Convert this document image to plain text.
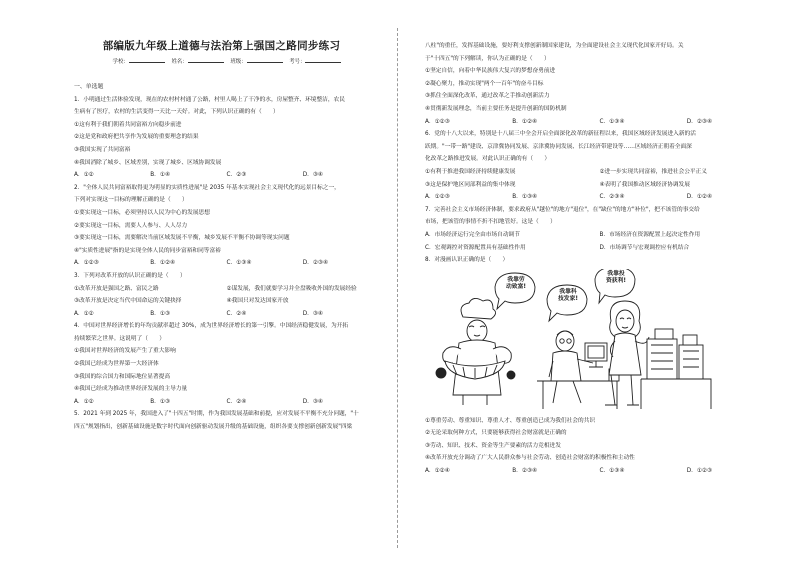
部编版九年级上道德与法治第上强国之路同步练习
学校：	姓名：	班级：	考号：
一、单选题
1．小明通过生活体验发现，现在的农村村村通了公路，村里人喝上了干净的水，房屋整齐、环境整洁，农民
生病有了医疗，农村的生活变得一天比一天好。对此，下列认识正确的有（　　）
①这有利于我们朝着共同富裕方向稳步前进
②这是党和政府把共享作为发展的重要理念的结果
③我国实现了共同富裕
④我国消除了城乡、区域差别，实现了城乡、区域协调发展
A．①②	B．①④	C．②③	D．③④
2．"全体人民共同富裕取得更为明显的实质性进展"是 2035 年基本实现社会主义现代化的远景目标之一，
下列对实现这一目标的理解正确的是（　　）
①要实现这一目标，必须坚持以人民为中心的发展思想
②要实现这一目标，需要人人参与、人人尽力
③要实现这一目标，需要解决当前区域发展不平衡，城乡发展不平衡不协调等现实问题
④"实质性进展"指的是实现全体人民的同步富裕和同等富裕
A．①②③	B．①②④	C．①③④	D．②③④
3．下列对改革开放的认识正确的是（　　）
①改革开放是强国之路、富民之路	②谋发展，我们就要学习并全盘吸收外国的发展经验
③改革开放是决定当代中国命运的关键抉择	④我国只对发达国家开放
A．①②	B．①③	C．②④	D．③④
4．中国对世界经济增长的年均贡献率超过 30%，成为世界经济增长的第一引擎。中国经济稳健发展，为开拓
持续繁荣之世界。这说明了（　　）
①我国对世界经济的发展产生了重大影响
②我国已经成为世界第一大经济体
③我国的综合国力和国际地位显著提高
④我国已经成为推动世界经济发展的主导力量
A．①②	B．①③	C．②④	D．③④
5．2021 年到 2025 年，我国进入了"十四五"时期，作为我国发展基础和前提，应对发展不平衡不充分问题，"十
四五"规划指出，创新基础设施是数字时代面向创新驱动发展升级的基础设施，组织各要支撑创新创新发展"四梁
八柱"的重任，发挥基础设施，要好利支撑创新制国家建设，为全面建设社会主义现代化国家开好局。关
于"十四五"的下列解读，你认为正确的是（　　）
①坚定自信，向着中华民族伟大复兴的梦想奋勇前进
②凝心聚力，推动实现"两个一百年"的奋斗目标
③抓住全面深化改革，通过改革之手推动创新活力
④贯彻新发展理念，当前主要任务是提升创新的国防机制
A．①②③	B．①②④	C．①③④	D．②③④
6．党的十八大以来，特别是十八届三中全会开启全面深化改革的新征程以来，我国区域经济发展进入新的活
跃期。"一带一路"建设、京津冀协同发展、京津冀协同发展、长江经济带建设等……区域经济正朝着全面深
化改革之路推进发展。对此认识正确的有（　　）
①有利于推进我国经济持续健康发展	②进一步实现共同富裕，推进社会公平正义
③这是保护地区同部利益的集中体现	④表明了我国推动区域经济协调发展
A．①②③	B．①③④	C．②③④	D．①②④
7．完善社会主义市场经济体制，要求政府从"越位"的地方"退位"，在"缺位"的地方"补位"，把不该管的事交给
市场，把该管的事情不折不扣地管好。这是（　　）
A．市场经济运行完全由市场自动调节	B．市场经济在资源配置上起决定性作用
C．宏观调控对资源配置具有基础性作用	D．市场调节与宏观调控应有机结合
8．对漫画认识正确的是（　　）
我靠劳
动致富!
我靠科
技发家!
我靠投
资获利!
①尊重劳动、尊重知识、尊重人才、尊重创造已成为我们社会的共识
②无论采取何种方式，只要能够获得社会财富就是正确的
③劳动、知识、技术、资金等生产要素的活力竞相迸发
④改革开放充分调动了广大人民群众参与社会劳动、创造社会财富的积极性和主动性
A．①②④	B．②③④	C．①③④	D．①②③
